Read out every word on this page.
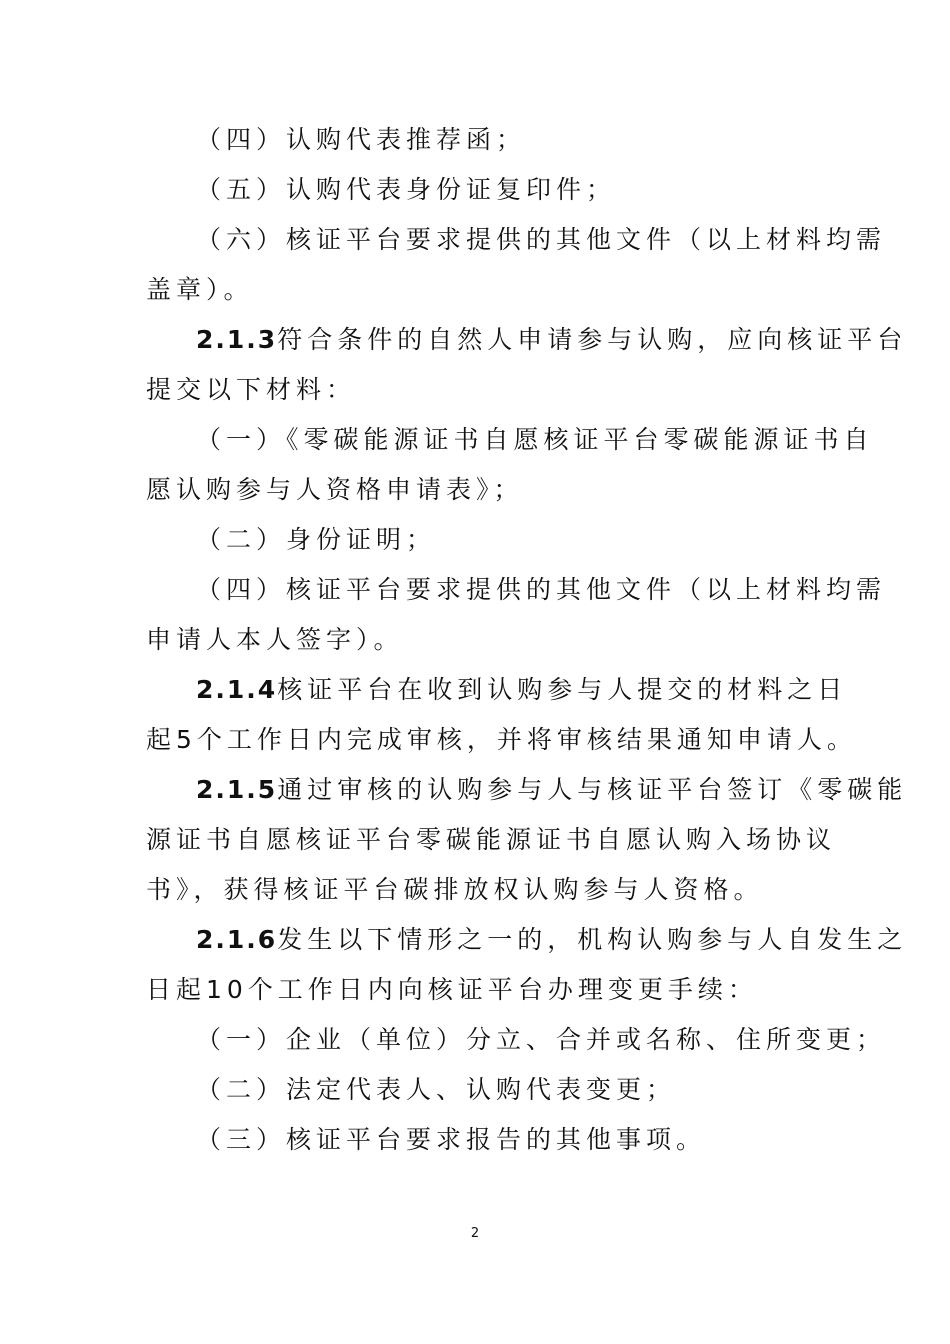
（四）认购代表推荐函；
（五）认购代表身份证复印件；
（六）核证平台要求提供的其他文件（以上材料均需
盖章）。
2.1.3符合条件的自然人申请参与认购，应向核证平台
提交以下材料：
（一）《零碳能源证书自愿核证平台零碳能源证书自
愿认购参与人资格申请表》；
（二）身份证明；
（四）核证平台要求提供的其他文件（以上材料均需
申请人本人签字）。
2.1.4核证平台在收到认购参与人提交的材料之日
起5个工作日内完成审核，并将审核结果通知申请人。
2.1.5通过审核的认购参与人与核证平台签订《零碳能
源证书自愿核证平台零碳能源证书自愿认购入场协议
书》，获得核证平台碳排放权认购参与人资格。
2.1.6发生以下情形之一的，机构认购参与人自发生之
日起10个工作日内向核证平台办理变更手续：
（一）企业（单位）分立、合并或名称、住所变更；
（二）法定代表人、认购代表变更；
（三）核证平台要求报告的其他事项。
2
